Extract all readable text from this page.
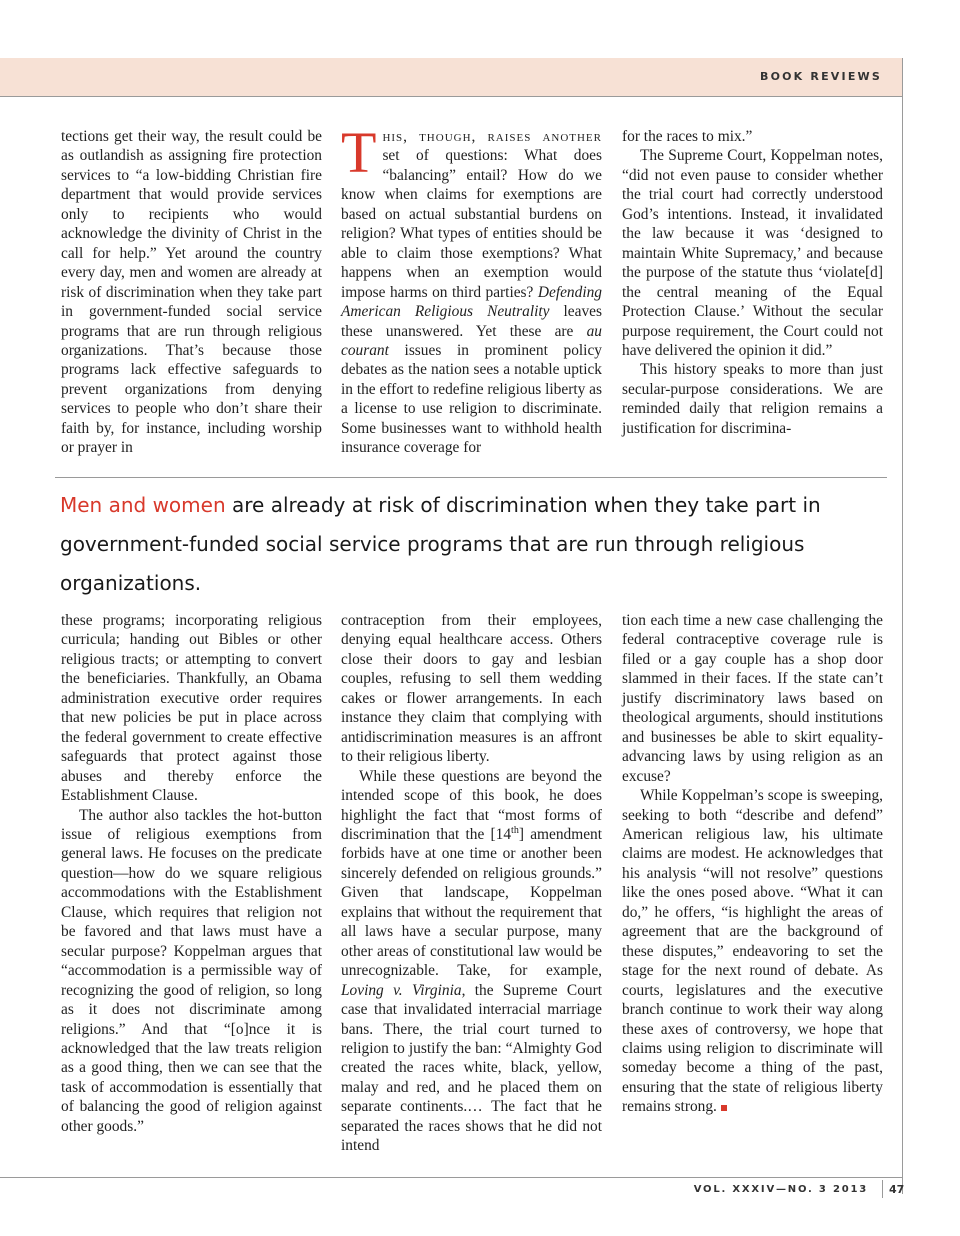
BOOK REVIEWS

tections get their way, the result could be as outlandish as assigning fire protection services to “a low-bidding Christian fire department that would provide services only to recipients who would acknowledge the divinity of Christ in the call for help.” Yet around the country every day, men and women are already at risk of discrimination when they take part in government-funded social service programs that are run through religious organizations. That’s because those programs lack effective safeguards to prevent organizations from denying services to people who don’t share their faith by, for instance, including worship or prayer in

This, though, raises another set of questions: What does “balancing” entail? How do we know when claims for exemptions are based on actual substantial burdens on religion? What types of entities should be able to claim those exemptions? What happens when an exemption would impose harms on third parties? Defending American Religious Neutrality leaves these unanswered. Yet these are au courant issues in prominent policy debates as the nation sees a notable uptick in the effort to redefine religious liberty as a license to use religion to discriminate. Some businesses want to withhold health insurance coverage for

for the races to mix.”

The Supreme Court, Koppelman notes, “did not even pause to consider whether the trial court had correctly understood God’s intentions. Instead, it invalidated the law because it was ‘designed to maintain White Supremacy,’ and because the purpose of the statute thus ‘violate[d] the central meaning of the Equal Protection Clause.’ Without the secular purpose requirement, the Court could not have delivered the opinion it did.”

This history speaks to more than just secular-purpose considerations. We are reminded daily that religion remains a justification for discrimina-

Men and women are already at risk of discrimination when they take part in government-funded social service programs that are run through religious organizations.

these programs; incorporating religious curricula; handing out Bibles or other religious tracts; or attempting to convert the beneficiaries. Thankfully, an Obama administration executive order requires that new policies be put in place across the federal government to create effective safeguards that protect against those abuses and thereby enforce the Establishment Clause.

The author also tackles the hot-button issue of religious exemptions from general laws. He focuses on the predicate question—how do we square religious accommodations with the Establishment Clause, which requires that religion not be favored and that laws must have a secular purpose? Koppelman argues that “accommodation is a permissible way of recognizing the good of religion, so long as it does not discriminate among religions.” And that “[o]nce it is acknowledged that the law treats religion as a good thing, then we can see that the task of accommodation is essentially that of balancing the good of religion against other goods.”

contraception from their employees, denying equal healthcare access. Others close their doors to gay and lesbian couples, refusing to sell them wedding cakes or flower arrangements. In each instance they claim that complying with antidiscrimination measures is an affront to their religious liberty.

While these questions are beyond the intended scope of this book, he does highlight the fact that “most forms of discrimination that the [14th] amendment forbids have at one time or another been sincerely defended on religious grounds.” Given that landscape, Koppelman explains that without the requirement that all laws have a secular purpose, many other areas of constitutional law would be unrecognizable. Take, for example, Loving v. Virginia, the Supreme Court case that invalidated interracial marriage bans. There, the trial court turned to religion to justify the ban: “Almighty God created the races white, black, yellow, malay and red, and he placed them on separate continents.… The fact that he separated the races shows that he did not intend

tion each time a new case challenging the federal contraceptive coverage rule is filed or a gay couple has a shop door slammed in their faces. If the state can’t justify discriminatory laws based on theological arguments, should institutions and businesses be able to skirt equality-advancing laws by using religion as an excuse?

While Koppelman’s scope is sweeping, seeking to both “describe and defend” American religious law, his ultimate claims are modest. He acknowledges that his analysis “will not resolve” questions like the ones posed above. “What it can do,” he offers, “is highlight the areas of agreement that are the background of these disputes,” endeavoring to set the stage for the next round of debate. As courts, legislatures and the executive branch continue to work their way along these axes of controversy, we hope that claims using religion to discriminate will someday become a thing of the past, ensuring that the state of religious liberty remains strong.

VOL. XXXIV—NO. 3 2013 47
